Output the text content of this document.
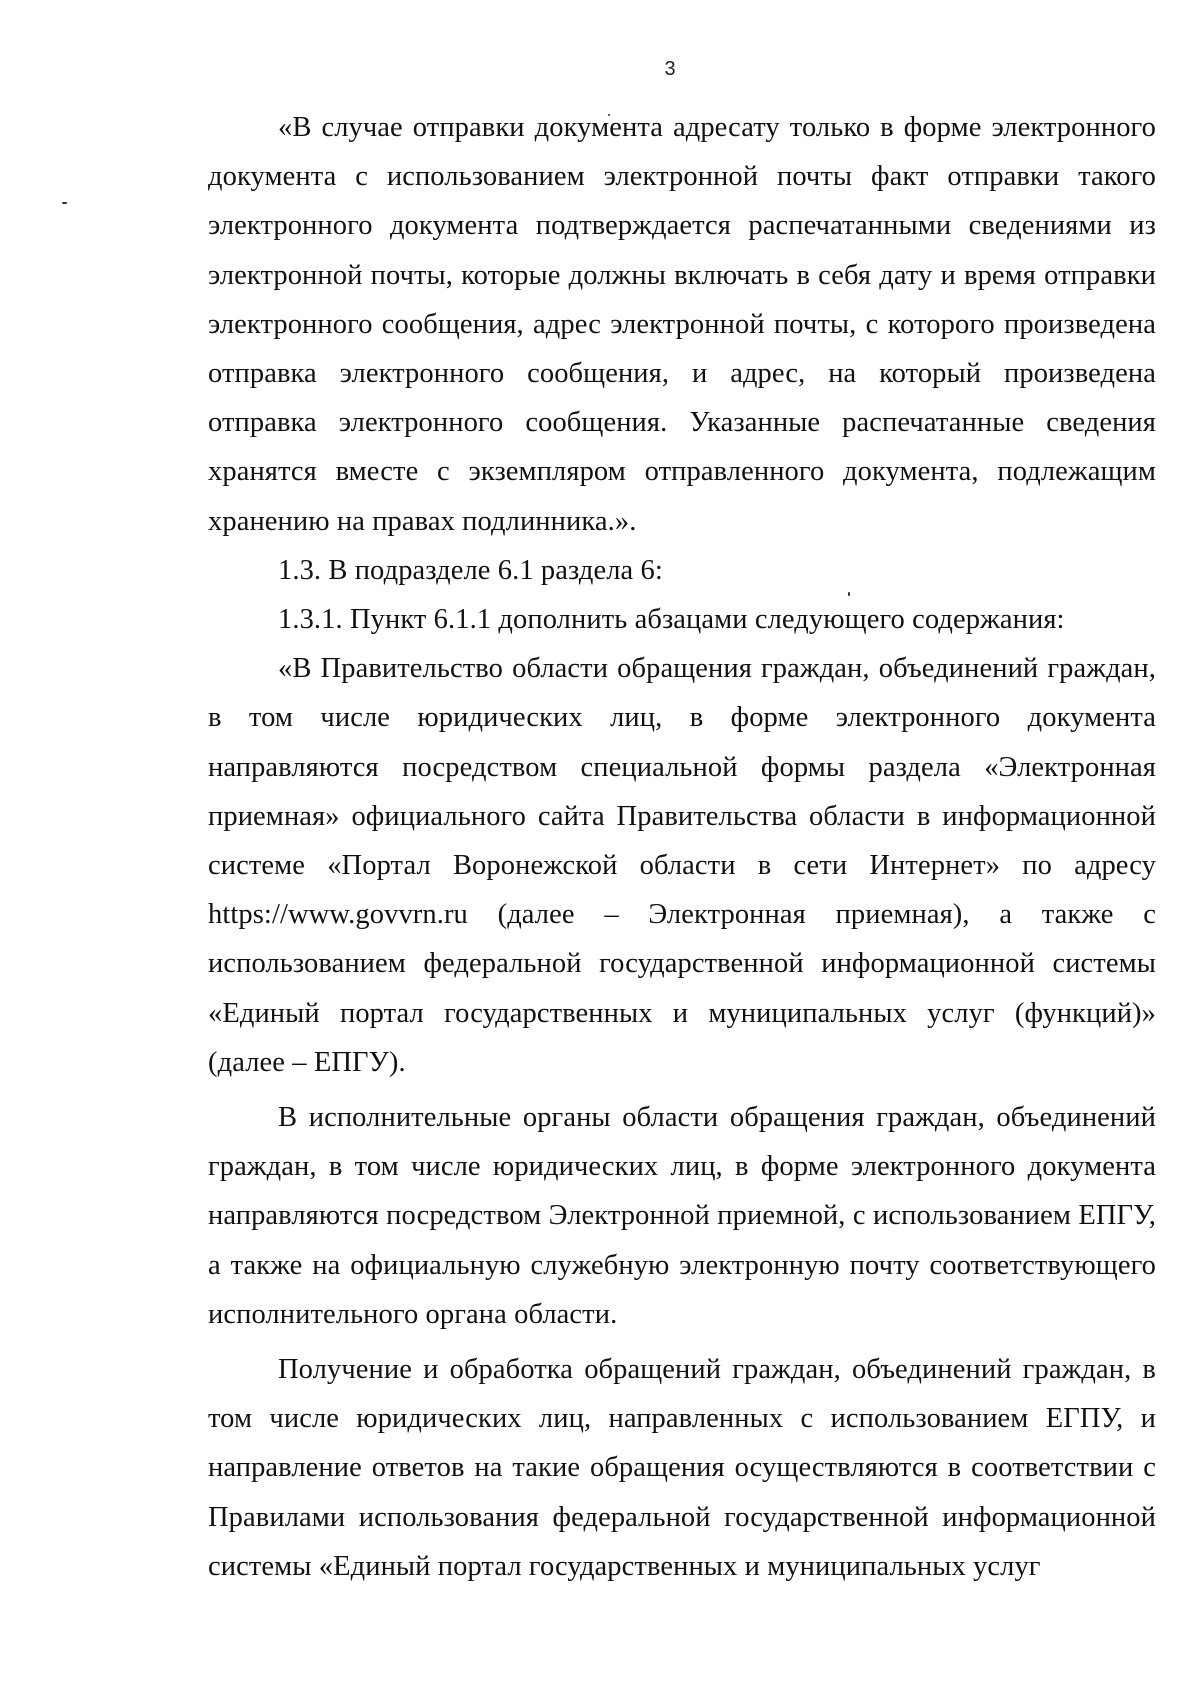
3

«В случае отправки документа адресату только в форме электронного документа с использованием электронной почты факт отправки такого электронного документа подтверждается распечатанными сведениями из электронной почты, которые должны включать в себя дату и время отправки электронного сообщения, адрес электронной почты, с которого произведена отправка электронного сообщения, и адрес, на который произведена отправка электронного сообщения. Указанные распечатанные сведения хранятся вместе с экземпляром отправленного документа, подлежащим хранению на правах подлинника.».

1.3. В подразделе 6.1 раздела 6:

1.3.1. Пункт 6.1.1 дополнить абзацами следующего содержания:

«В Правительство области обращения граждан, объединений граждан, в том числе юридических лиц, в форме электронного документа направляются посредством специальной формы раздела «Электронная приемная» официального сайта Правительства области в информационной системе «Портал Воронежской области в сети Интернет» по адресу https://www.govvrn.ru (далее – Электронная приемная), а также с использованием федеральной государственной информационной системы «Единый портал государственных и муниципальных услуг (функций)» (далее – ЕПГУ).

В исполнительные органы области обращения граждан, объединений граждан, в том числе юридических лиц, в форме электронного документа направляются посредством Электронной приемной, с использованием ЕПГУ, а также на официальную служебную электронную почту соответствующего исполнительного органа области.

Получение и обработка обращений граждан, объединений граждан, в том числе юридических лиц, направленных с использованием ЕГПУ, и направление ответов на такие обращения осуществляются в соответствии с Правилами использования федеральной государственной информационной системы «Единый портал государственных и муниципальных услуг
